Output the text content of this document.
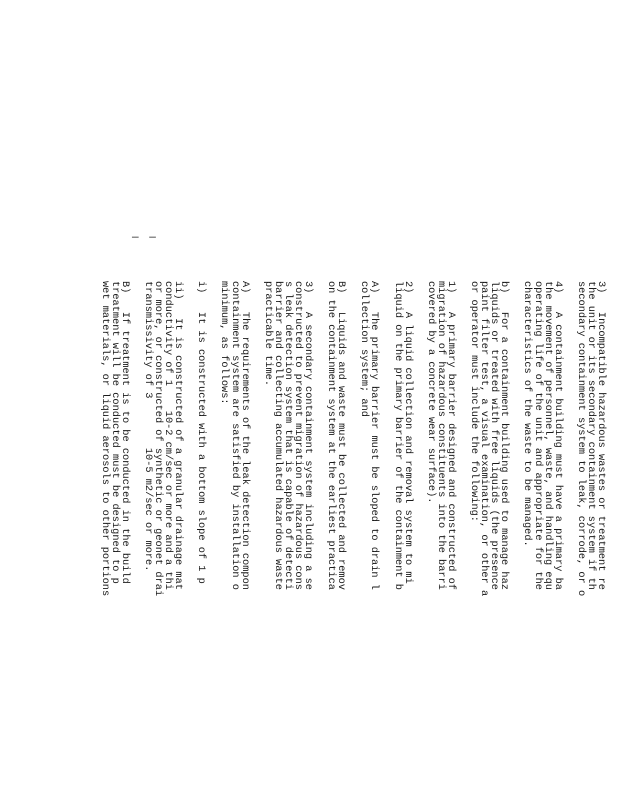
— —
3)   Incompatible hazardous wastes or treatment re
the unit or its secondary containment system if th
secondary containment system to leak, corrode, or o
4)   A containment building must have a primary ba
the movement of personnel, waste, and handling equ
operating life of the unit and appropriate for the
characteristics of the waste to be managed.
b)   For a containment building used to manage haz
liquids or treated with free liquids (the presence
paint filter test, a visual examination, or other a
or operator must include the following:
1)   A primary barrier designed and constructed of
migration of hazardous constituents into the barri
covered by a concrete wear surface).
2)   A liquid collection and removal system to mi
liquid on the primary barrier of the containment b
A)   The primary barrier must be sloped to drain l
collection system; and
B)   Liquids and waste must be collected and remov
on the containment system at the earliest practica
3)   A secondary containment system including a se
constructed to prevent migration of hazardous cons
s leak detection system that is capable of detecti
barrier and collecting accumulated hazardous waste
practicable time.
A)   The requirements of the leak detection compon
containment system are satisfied by installation o
minimum, as follows:
i)   It is constructed with a bottom slope of 1 p
ii)   It is constructed of a granular drainage mat
conductivity of 1    10-2 cm/sec or more and a thi
or more, or constructed of synthetic or geonet drai
transmissivity of 3        10-5 m2/sec or more.
B)   If treatment is to be conducted in the build
treatment will be conducted must be designed to p
wet materials, or liquid aerosols to other portions
